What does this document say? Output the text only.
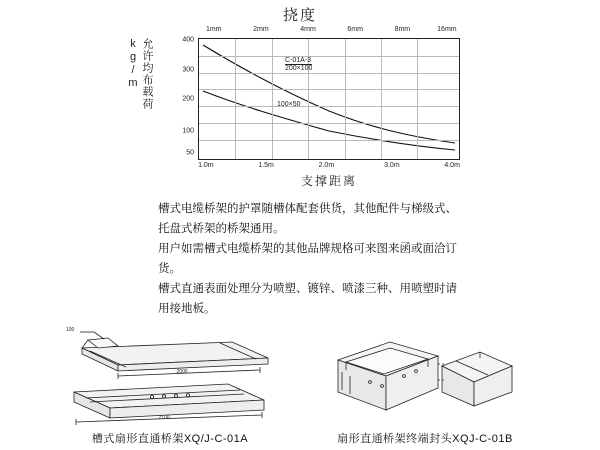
挠度
允许均布载荷kg/m
1mm	2mm	4mm	6mm	8mm	16mm
400
300
200
100
50
C-01A-3
200×100
100×50
1.0m	1.5m	2.0m	3.0m	4.0m
支撑距离

槽式电缆桥架的护罩随槽体配套供货，其他配件与梯级式、

托盘式桥架的桥架通用。

用户如需槽式电缆桥架的其他品牌规格可来图来函或面洽订

货。

槽式直通表面处理分为喷塑、镀锌、喷漆三种、用喷塑时请

用接地板。

2000
2100
100
槽式扇形直通桥架XQ/J-C-01A	扇形直通桥架终端封头XQJ-C-01B
